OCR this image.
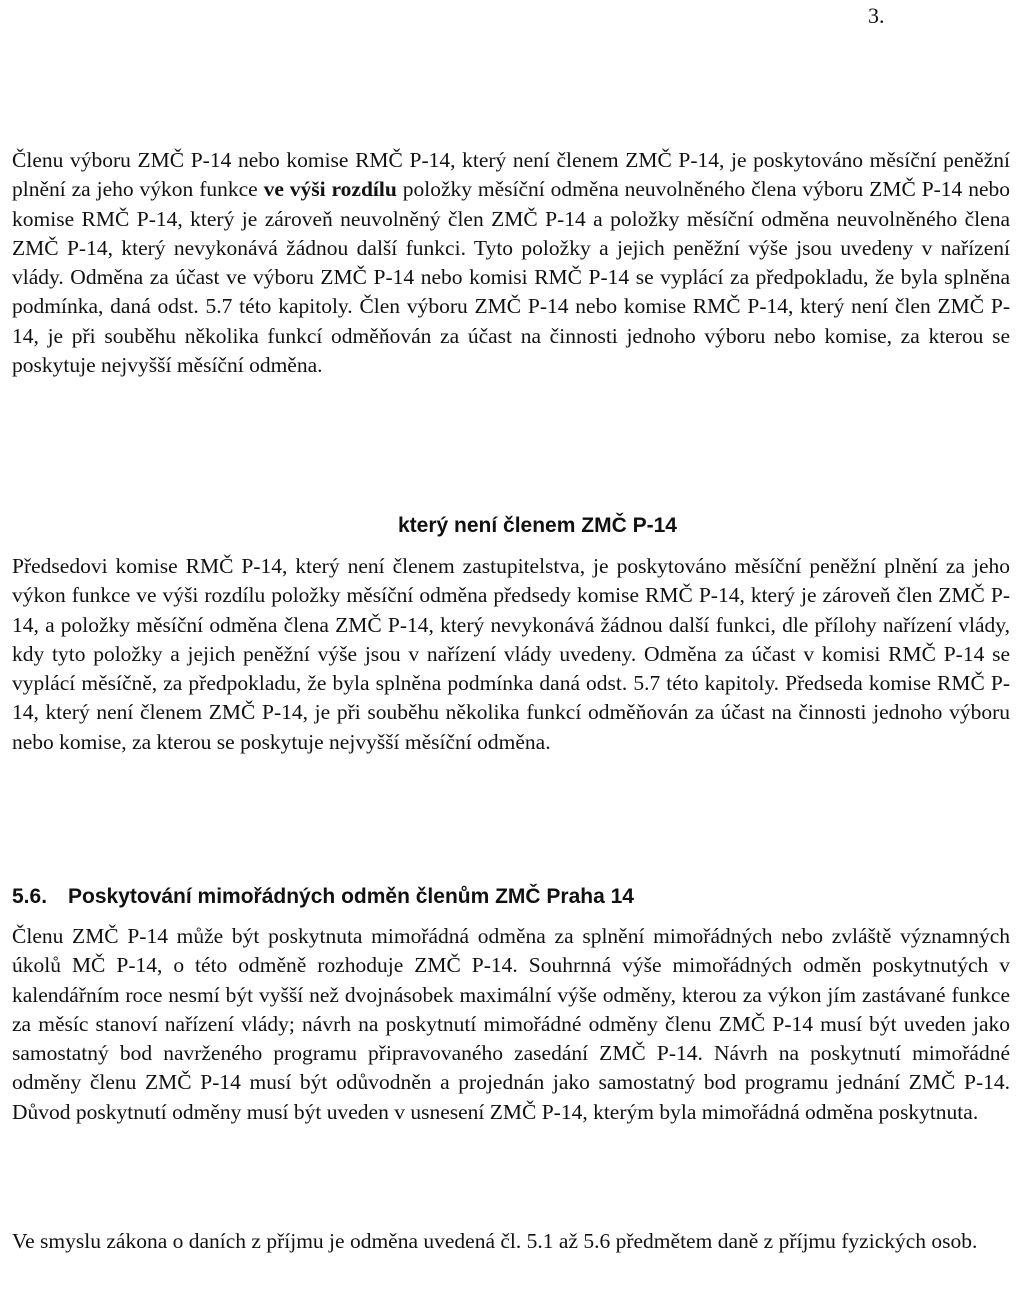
3.

Členu výboru ZMČ P-14 nebo komise RMČ P-14, který není členem ZMČ P-14, je poskytováno měsíční peněžní plnění za jeho výkon funkce ve výši rozdílu položky měsíční odměna neuvolněného člena výboru ZMČ P-14 nebo komise RMČ P-14, který je zároveň neuvolněný člen ZMČ P-14 a položky měsíční odměna neuvolněného člena ZMČ P-14, který nevykonává žádnou další funkci. Tyto položky a jejich peněžní výše jsou uvedeny v nařízení vlády. Odměna za účast ve výboru ZMČ P-14 nebo komisi RMČ P-14 se vyplácí za předpokladu, že byla splněna podmínka, daná odst. 5.7 této kapitoly. Člen výboru ZMČ P-14 nebo komise RMČ P-14, který není člen ZMČ P- 14, je při souběhu několika funkcí odměňován za účast na činnosti jednoho výboru nebo komise, za kterou se poskytuje nejvyšší měsíční odměna.

který není členem ZMČ P-14

Předsedovi komise RMČ P-14, který není členem zastupitelstva, je poskytováno měsíční peněžní plnění za jeho výkon funkce ve výši rozdílu položky měsíční odměna předsedy komise RMČ P-14, který je zároveň člen ZMČ P-14, a položky měsíční odměna člena ZMČ P-14, který nevykonává žádnou další funkci, dle přílohy nařízení vlády, kdy tyto položky a jejich peněžní výše jsou v nařízení vlády uvedeny. Odměna za účast v komisi RMČ P-14 se vyplácí měsíčně, za předpokladu, že byla splněna podmínka daná odst. 5.7 této kapitoly. Předseda komise RMČ P-14, který není členem ZMČ P-14, je při souběhu několika funkcí odměňován za účast na činnosti jednoho výboru nebo komise, za kterou se poskytuje nejvyšší měsíční odměna.

5.6. Poskytování mimořádných odměn členům ZMČ Praha 14

Členu ZMČ P-14 může být poskytnuta mimořádná odměna za splnění mimořádných nebo zvláště významných úkolů MČ P-14, o této odměně rozhoduje ZMČ P-14. Souhrnná výše mimořádných odměn poskytnutých v kalendářním roce nesmí být vyšší než dvojnásobek maximální výše odměny, kterou za výkon jím zastávané funkce za měsíc stanoví nařízení vlády; návrh na poskytnutí mimořádné odměny členu ZMČ P-14 musí být uveden jako samostatný bod navrženého programu připravovaného zasedání ZMČ P-14. Návrh na poskytnutí mimořádné odměny členu ZMČ P-14 musí být odůvodněn a projednán jako samostatný bod programu jednání ZMČ P-14. Důvod poskytnutí odměny musí být uveden v usnesení ZMČ P-14, kterým byla mimořádná odměna poskytnuta.

Ve smyslu zákona o daních z příjmu je odměna uvedená čl. 5.1 až 5.6 předmětem daně z příjmu fyzických osob.
